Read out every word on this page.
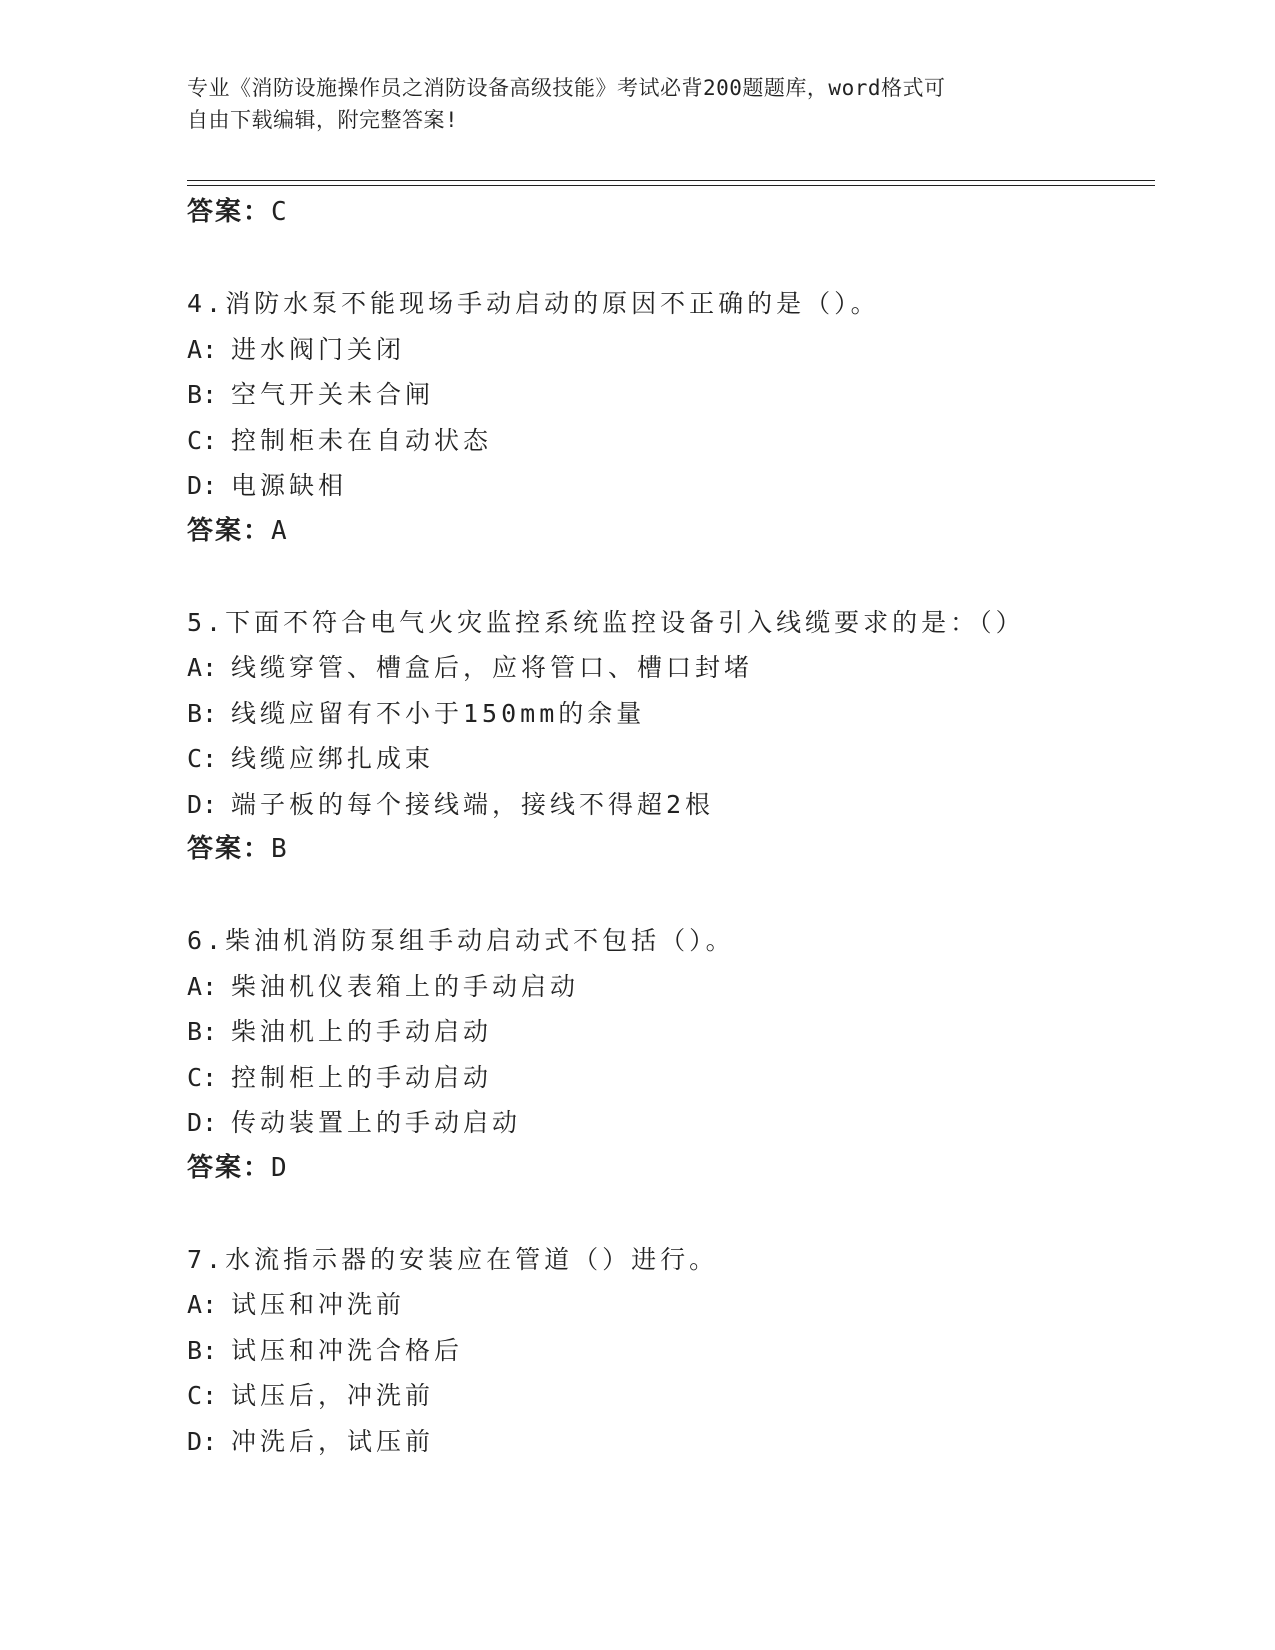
专业《消防设施操作员之消防设备高级技能》考试必背200题题库，word格式可
自由下载编辑，附完整答案!
答案：C
4.消防水泵不能现场手动启动的原因不正确的是（）。
A: 进水阀门关闭
B: 空气开关未合闸
C: 控制柜未在自动状态
D: 电源缺相
答案：A
5.下面不符合电气火灾监控系统监控设备引入线缆要求的是：（）
A: 线缆穿管、槽盒后，应将管口、槽口封堵
B: 线缆应留有不小于150mm的余量
C: 线缆应绑扎成束
D: 端子板的每个接线端，接线不得超2根
答案：B
6.柴油机消防泵组手动启动式不包括（）。
A: 柴油机仪表箱上的手动启动
B: 柴油机上的手动启动
C: 控制柜上的手动启动
D: 传动装置上的手动启动
答案：D
7.水流指示器的安装应在管道（）进行。
A: 试压和冲洗前
B: 试压和冲洗合格后
C: 试压后，冲洗前
D: 冲洗后，试压前
